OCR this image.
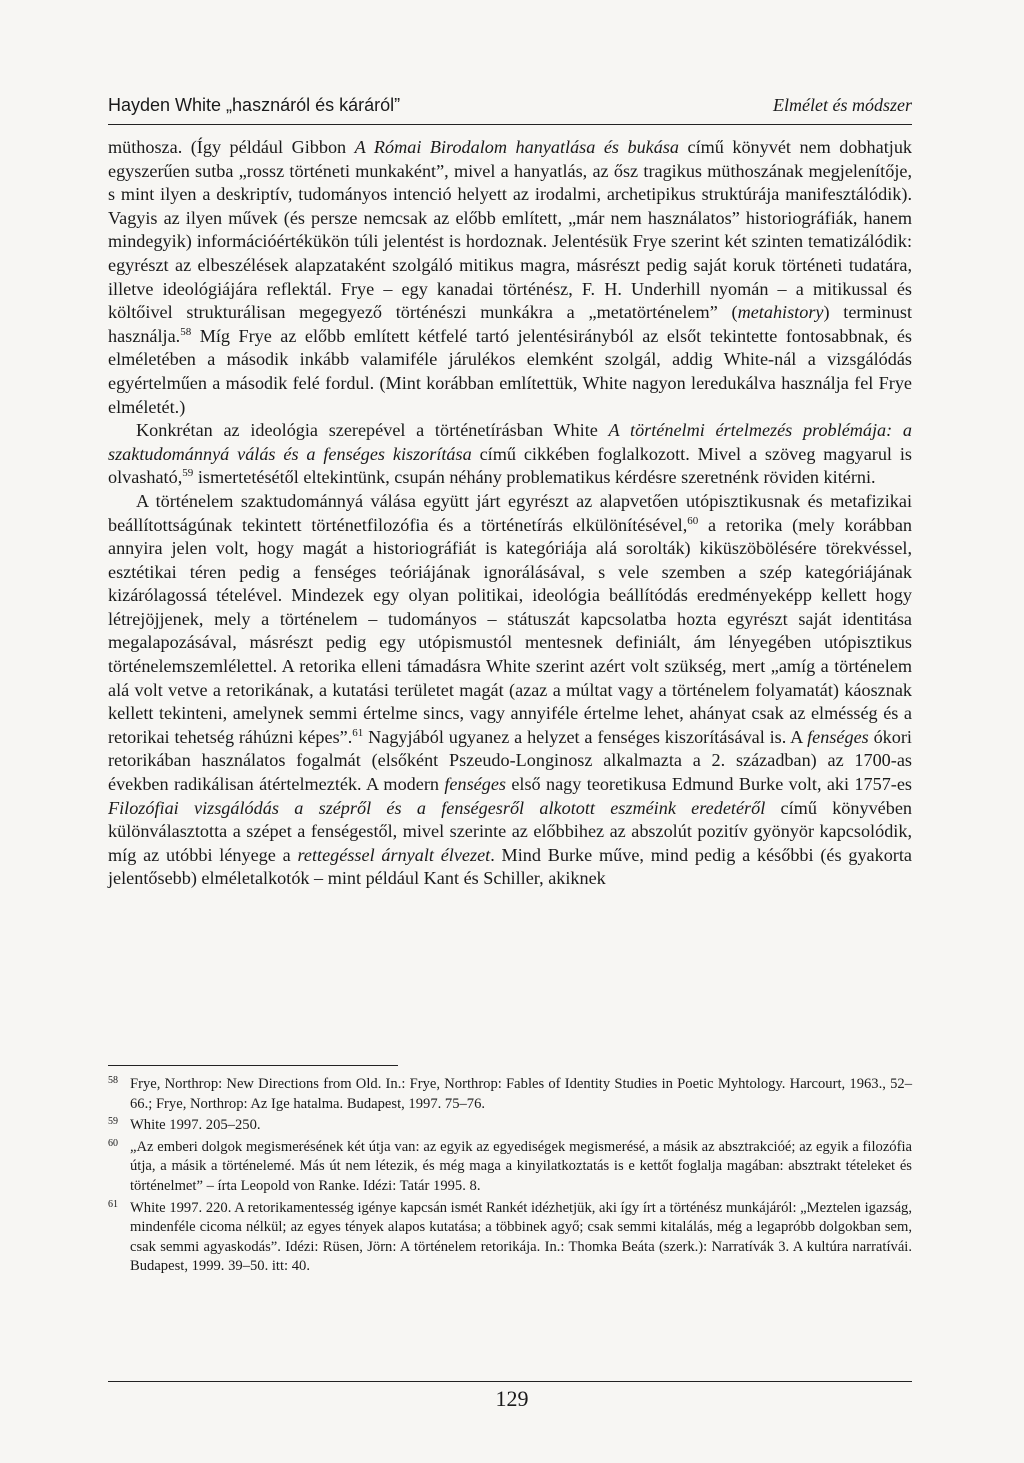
Hayden White „hasznáról és káráról”	Elmélet és módszer

müthosza. (Így például Gibbon A Római Birodalom hanyatlása és bukása című könyvét nem dobhatjuk egyszerűen sutba „rossz történeti munkaként”, mivel a hanyatlás, az ősz tragikus müthoszának megjelenítője, s mint ilyen a deskriptív, tudományos intenció helyett az irodalmi, archetipikus struktúrája manifesztálódik). Vagyis az ilyen művek (és persze nemcsak az előbb említett, „már nem használatos” historiográfiák, hanem mindegyik) információértékükön túli jelentést is hordoznak. Jelentésük Frye szerint két szinten tematizálódik: egyrészt az elbeszélések alapzataként szolgáló mitikus magra, másrészt pedig saját koruk történeti tudatára, illetve ideológiájára reflektál. Frye – egy kanadai történész, F. H. Underhill nyomán – a mitikussal és költőivel strukturálisan megegyező történészi munkákra a „metatörténelem” (metahistory) terminust használja.$^{58}$ Míg Frye az előbb említett kétfelé tartó jelentésirányból az elsőt tekintette fontosabbnak, és elméletében a második inkább valamiféle járulékos elemként szolgál, addig White-nál a vizsgálódás egyértelműen a második felé fordul. (Mint korábban említettük, White nagyon leredukálva használja fel Frye elméletét.)

Konkrétan az ideológia szerepével a történetírásban White A történelmi értelmezés problémája: a szaktudománnyá válás és a fenséges kiszorítása című cikkében foglalkozott. Mivel a szöveg magyarul is olvasható,$^{59}$ ismertetésétől eltekintünk, csupán néhány problematikus kérdésre szeretnénk röviden kitérni.

A történelem szaktudománnyá válása együtt járt egyrészt az alapvetően utópisztikusnak és metafizikai beállítottságúnak tekintett történetfilozófia és a történetírás elkülönítésével,$^{60}$ a retorika (mely korábban annyira jelen volt, hogy magát a historiográfiát is kategóriája alá sorolták) kiküszöbölésére törekvéssel, esztétikai téren pedig a fenséges teóriájának ignorálásával, s vele szemben a szép kategóriájának kizárólagossá tételével. Mindezek egy olyan politikai, ideológia beállítódás eredményeképp kellett hogy létrejöjjenek, mely a történelem – tudományos – státuszát kapcsolatba hozta egyrészt saját identitása megalapozásával, másrészt pedig egy utópismustól mentesnek definiált, ám lényegében utópisztikus történelemszemlélettel. A retorika elleni támadásra White szerint azért volt szükség, mert „amíg a történelem alá volt vetve a retorikának, a kutatási területet magát (azaz a múltat vagy a történelem folyamatát) káosznak kellett tekinteni, amelynek semmi értelme sincs, vagy annyiféle értelme lehet, ahányat csak az elmésség és a retorikai tehetség ráhúzni képes”.$^{61}$ Nagyjából ugyanez a helyzet a fenséges kiszorításával is. A fenséges ókori retorikában használatos fogalmát (elsőként Pszeudo-Longinosz alkalmazta a 2. században) az 1700-as években radikálisan átértelmezték. A modern fenséges első nagy teoretikusa Edmund Burke volt, aki 1757-es Filozófiai vizsgálódás a szépről és a fenségesről alkotott eszméink eredetéről című könyvében különválasztotta a szépet a fenségestől, mivel szerinte az előbbihez az abszolút pozitív gyönyör kapcsolódik, míg az utóbbi lényege a rettegéssel árnyalt élvezet. Mind Burke műve, mind pedig a későbbi (és gyakorta jelentősebb) elméletalkotók – mint például Kant és Schiller, akiknek

58 Frye, Northrop: New Directions from Old. In.: Frye, Northrop: Fables of Identity Studies in Poetic Myhtology. Harcourt, 1963., 52–66.; Frye, Northrop: Az Ige hatalma. Budapest, 1997. 75–76.
59 White 1997. 205–250.
60 „Az emberi dolgok megismerésének két útja van: az egyik az egyediségek megismerésé, a másik az absztrakcióé; az egyik a filozófia útja, a másik a történelemé. Más út nem létezik, és még maga a kinyilatkoztatás is e kettőt foglalja magában: absztrakt tételeket és történelmet” – írta Leopold von Ranke. Idézi: Tatár 1995. 8.
61 White 1997. 220. A retorikamentesség igénye kapcsán ismét Rankét idézhetjük, aki így írt a történész munkájáról: „Meztelen igazság, mindenféle cicoma nélkül; az egyes tények alapos kutatása; a többinek agyő; csak semmi kitalálás, még a legapróbb dolgokban sem, csak semmi agyaskodás”. Idézi: Rüsen, Jörn: A történelem retorikája. In.: Thomka Beáta (szerk.): Narratívák 3. A kultúra narratívái. Budapest, 1999. 39–50. itt: 40.
129
